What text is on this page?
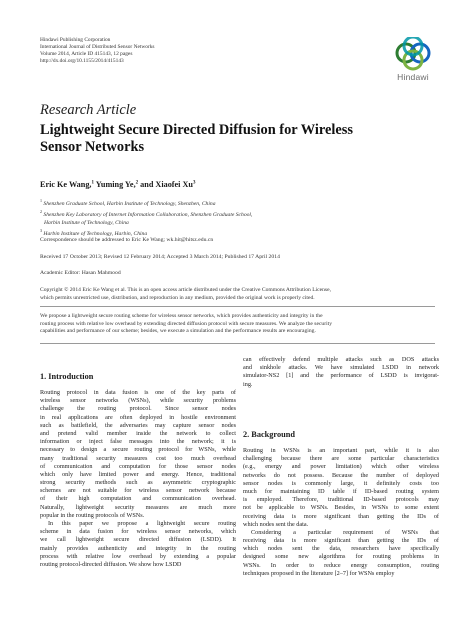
Hindawi Publishing Corporation
International Journal of Distributed Sensor Networks
Volume 2014, Article ID 415143, 12 pages
http://dx.doi.org/10.1155/2014/415143
Hindawi
Research Article
Lightweight Secure Directed Diffusion for Wireless
Sensor Networks
Eric Ke Wang,$^1$ Yuming Ye,$^2$ and Xiaofei Xu$^3$
$^1$ Shenzhen Graduate School, Harbin Institute of Technology, Shenzhen, China
$^2$ Shenzhen Key Laboratory of Internet Information Collaboration, Shenzhen Graduate School,
Harbin Institute of Technology, China
$^3$ Harbin Institute of Technology, Harbin, China
Correspondence should be addressed to Eric Ke Wang; wk.hit@hitsz.edu.cn
Received 17 October 2013; Revised 12 February 2014; Accepted 3 March 2014; Published 17 April 2014
Academic Editor: Hasan Mahmood
Copyright © 2014 Eric Ke Wang et al. This is an open access article distributed under the Creative Commons Attribution License,
which permits unrestricted use, distribution, and reproduction in any medium, provided the original work is properly cited.
We propose a lightweight secure routing scheme for wireless sensor networks, which provides authenticity and integrity in the
routing process with relative low overhead by extending directed diffusion protocol with secure measures. We analyze the security
capabilities and performance of our scheme; besides, we execute a simulation and the performance results are encouraging.
1. Introduction
Routing protocol in data fusion is one of the key parts of
wireless sensor networks (WSNs), while security problems
challenge the routing protocol. Since sensor nodes
in real applications are often deployed in hostile environment
such as battlefield, the adversaries may capture sensor nodes
and pretend valid member inside the network to collect
information or inject false messages into the network; it is
necessary to design a secure routing protocol for WSNs, while
many traditional security measures cost too much overhead
of communication and computation for those sensor nodes
which only have limited power and energy. Hence, traditional
strong security methods such as asymmetric cryptographic
schemes are not suitable for wireless sensor network because
of their high computation and communication overhead.
Naturally, lightweight security measures are much more
popular in the routing protocols of WSNs.
In this paper we propose a lightweight secure routing
scheme in data fusion for wireless sensor networks, which
we call lightweight secure directed diffusion (LSDD). It
mainly provides authenticity and integrity in the routing
process with relative low overhead by extending a popular
routing protocol-directed diffusion. We show how LSDD
can effectively defend multiple attacks such as DOS attacks
and sinkhole attacks. We have simulated LSDD in network
simulator-NS2 [1] and the performance of LSDD is invigorat-
ing.
2. Background
Routing in WSNs is an important part, while it is also
challenging because there are some particular characteristics
(e.g., energy and power limitation) which other wireless
networks do not possess. Because the number of deployed
sensor nodes is commonly large, it definitely costs too
much for maintaining ID table if ID-based routing system
is employed. Therefore, traditional ID-based protocols may
not be applicable to WSNs. Besides, in WSNs to some extent
receiving data is more significant than getting the IDs of
which nodes sent the data.
Considering a particular requirement of WSNs that
receiving data is more significant than getting the IDs of
which nodes sent the data, researchers have specifically
designed some new algorithms for routing problems in
WSNs. In order to reduce energy consumption, routing
techniques proposed in the literature [2–7] for WSNs employ
